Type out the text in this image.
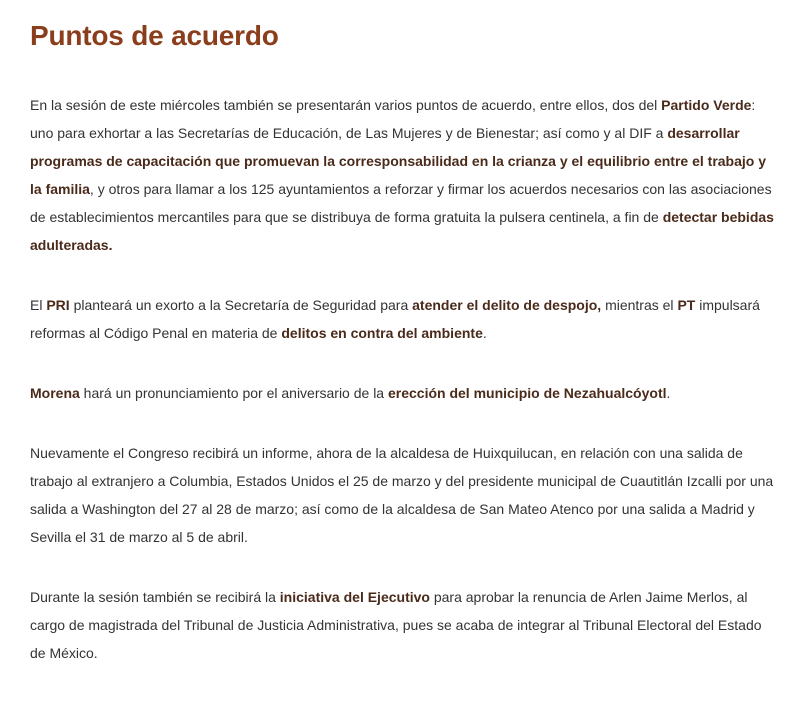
Puntos de acuerdo

En la sesión de este miércoles también se presentarán varios puntos de acuerdo, entre ellos, dos del Partido Verde: uno para exhortar a las Secretarías de Educación, de Las Mujeres y de Bienestar; así como y al DIF a desarrollar programas de capacitación que promuevan la corresponsabilidad en la crianza y el equilibrio entre el trabajo y la familia, y otros para llamar a los 125 ayuntamientos a reforzar y firmar los acuerdos necesarios con las asociaciones de establecimientos mercantiles para que se distribuya de forma gratuita la pulsera centinela, a fin de detectar bebidas adulteradas.

El PRI planteará un exorto a la Secretaría de Seguridad para atender el delito de despojo, mientras el PT impulsará reformas al Código Penal en materia de delitos en contra del ambiente.

Morena hará un pronunciamiento por el aniversario de la erección del municipio de Nezahualcóyotl.

Nuevamente el Congreso recibirá un informe, ahora de la alcaldesa de Huixquilucan, en relación con una salida de trabajo al extranjero a Columbia, Estados Unidos el 25 de marzo y del presidente municipal de Cuautitlán Izcalli por una salida a Washington del 27 al 28 de marzo; así como de la alcaldesa de San Mateo Atenco por una salida a Madrid y Sevilla el 31 de marzo al 5 de abril.

Durante la sesión también se recibirá la iniciativa del Ejecutivo para aprobar la renuncia de Arlen Jaime Merlos, al cargo de magistrada del Tribunal de Justicia Administrativa, pues se acaba de integrar al Tribunal Electoral del Estado de México.
